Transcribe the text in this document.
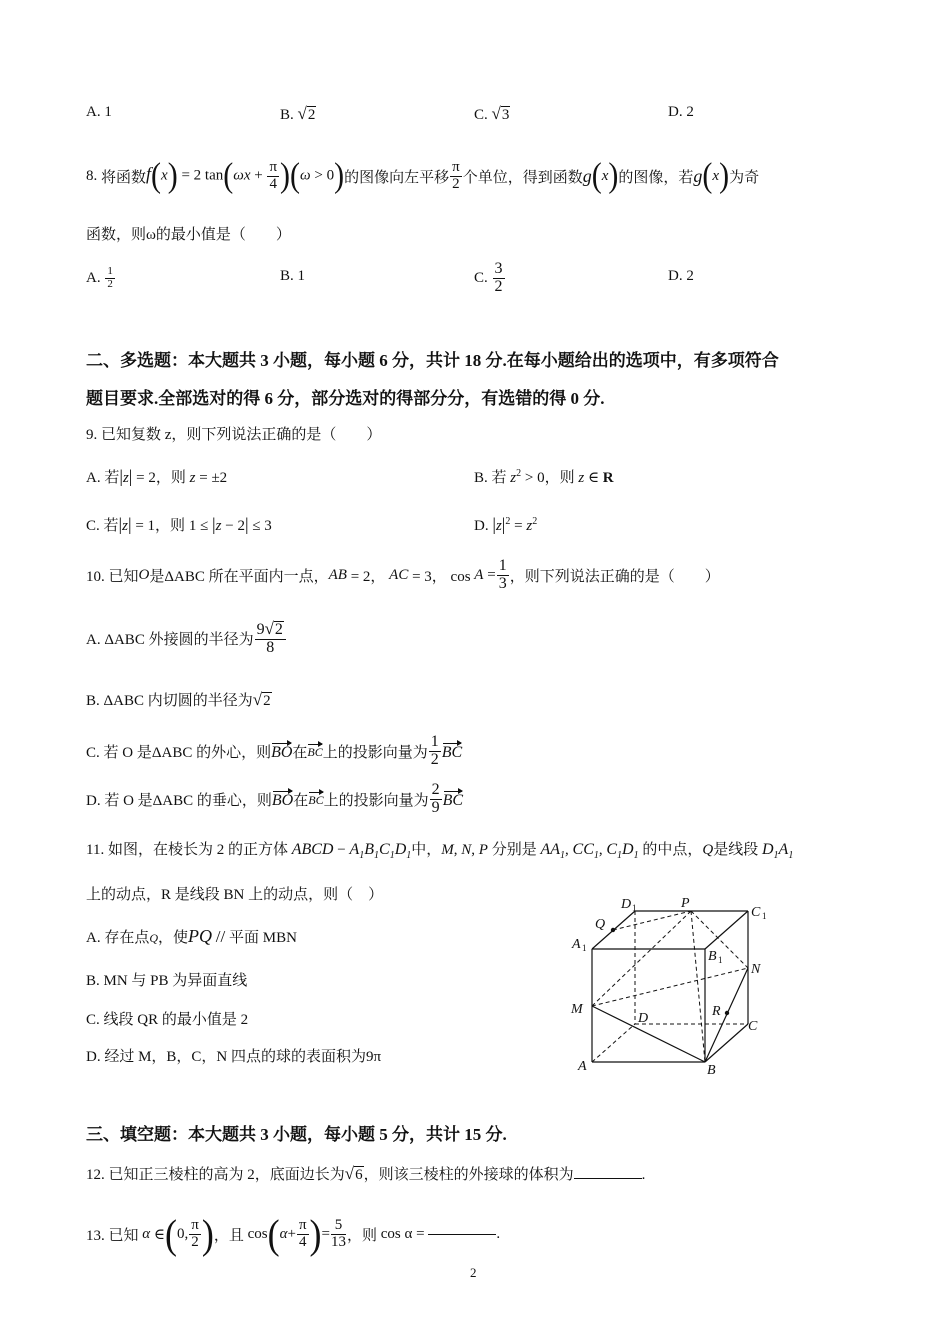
A. 1	B. √2	C. √3	D. 2
8.
将函数 f(x) = 2 $\tan(\omega x + \frac{\pi}{4} )(\omega > 0)$ 的图像向左平移 $\frac{\pi}{2}$ 个单位，得到函数 g ( x ) 的图像，若 g ( x ) 为奇
函数，则ω的最小值是（　　）
A.
$\frac{1}{2}$	B. 1	C.
$\frac{3}{2}$	D. 2
二、多选题：本大题共 3 小题，每小题 6 分，共计 18 分.在每小题给出的选项中，有多项符合
题目要求.全部选对的得 6 分，部分选对的得部分分，有选错的得 0 分.
9. 已知复数 z，则下列说法正确的是（　　）
A. 若|z| = 2，则 z = ±2	B. 若 $z^2 > 0$，则 z ∈ R
C. 若|z| = 1，则 1 ≤ |z − 2| ≤ 3	D. $|z|^2 = z^2$
10. 已知 O 是ΔABC 所在平面内一点， AB = 2， AC = 3， $\cos A = \frac{1}{3}$ ，则下列说法正确的是（　　）
A. ΔABC 外接圆的半径为 $\frac{9√2}{8}$
B. ΔABC 内切圆的半径为√2
C. 若 O 是ΔABC 的外心，则 BO 在 BC 上的投影向量为 $\frac{1}{2}$ BC
D. 若 O 是ΔABC 的垂心，则 BO 在 BC 上的投影向量为 $\frac{2}{9}$ BC
11. 如图，在棱长为 2 的正方体 ABCD − $A_1B_1C_1D_1$中，M, N, P 分别是 $AA_1$, $CC_1$, $C_1D_1$ 的中点，Q是线段 $D_1A_1$
上的动点，R 是线段 BN 上的动点，则（　）
A. 存在点Q，使PQ // 平面 MBN
B. MN 与 PB 为异面直线
C. 线段 QR 的最小值是 2
D. 经过 M，B，C，N 四点的球的表面积为9π
D 1	P
C 1
Q
A 1
B 1
N
M
D	R
C
A	B
三、填空题：本大题共 3 小题，每小题 5 分，共计 15 分.
12. 已知正三棱柱的高为 2，底面边长为√6，则该三棱柱的外接球的体积为	.
13. 已知 α ∈ ( 0, $\frac{\pi}{2}$ ) ，且 cos ( $\alpha + \frac{\pi}{4}$ ) = $\frac{5}{13}$ ，则 cos α =	.
2
